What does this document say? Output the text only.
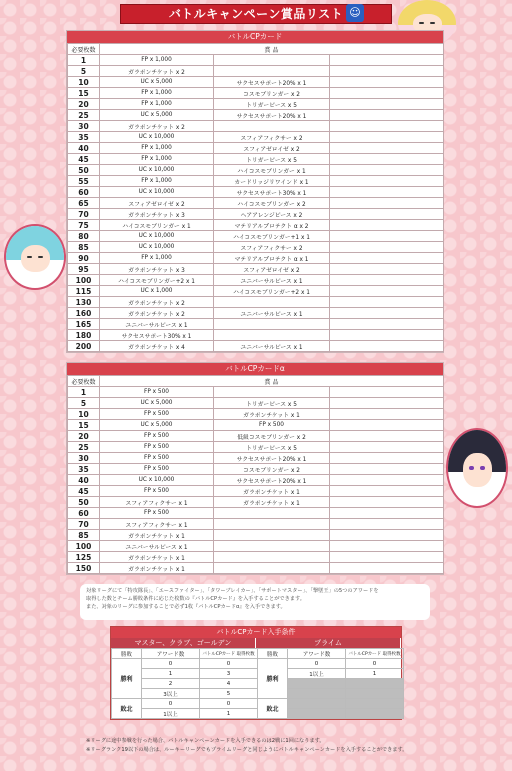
バトルキャンペーン賞品リスト ☺
バトルCPカード
必要枚数	賞 品		
1	FP x 1,000		
5	ガラポンチケット x 2		
10	UC x 5,000	サクセスサポート20% x 1	
15	FP x 1,000	コスモブリンガー x 2	
20	FP x 1,000	トリガーピース x 5	
25	UC x 5,000	サクセスサポート20% x 1	
30	ガラポンチケット x 2		
35	UC x 10,000	スフィアフィクサー x 2	
40	FP x 1,000	スフィアゼロイゼ x 2	
45	FP x 1,000	トリガーピース x 5	
50	UC x 10,000	ハイコスモブリンガー x 1	
55	FP x 1,000	カードリッジリワインド x 1	
60	UC x 10,000	サクセスサポート30% x 1	
65	スフィアゼロイゼ x 2	ハイコスモブリンガー x 2	
70	ガラポンチケット x 3	ヘアアレンジピース x 2	
75	ハイコスモブリンガー x 1	マテリアルプロテクト α x 2	
80	UC x 10,000	ハイコスモブリンガー+1 x 1	
85	UC x 10,000	スフィアフィクサー x 2	
90	FP x 1,000	マテリアルプロテクト α x 1	
95	ガラポンチケット x 3	スフィアゼロイゼ x 2	
100	ハイコスモブリンガー+2 x 1	ユニバーサルピース x 1	
115	UC x 1,000	ハイコスモブリンガー+2 x 1	
130	ガラポンチケット x 2		
160	ガラポンチケット x 2	ユニバーサルピース x 1	
165	ユニバーサルピース x 1		
180	サクセスサポート30% x 1		
200	ガラポンチケット x 4	ユニバーサルピース x 1	
バトルCPカードα
必要枚数	賞 品		
1	FP x 500		
5	UC x 5,000	トリガーピース x 5	
10	FP x 500	ガラポンチケット x 1	
15	UC x 5,000	FP x 500	
20	FP x 500	低級コスモブリンガー x 2	
25	FP x 500	トリガーピース x 5	
30	FP x 500	サクセスサポート20% x 1	
35	FP x 500	コスモブリンガー x 2	
40	UC x 10,000	サクセスサポート20% x 1	
45	FP x 500	ガラポンチケット x 1	
50	スフィアフィクサー x 1	ガラポンチケット x 1	
60	FP x 500		
70	スフィアフィクサー x 1		
85	ガラポンチケット x 1		
100	ユニバーサルピース x 1		
125	ガラポンチケット x 1		
150	ガラポンチケット x 1		
対象リーグにて「特攻隊長」、「エースファイター」、「タワーブレイカー」、「サポートマスター」、「撃墜王」の5つのアワードを
取得した数とチーム勝敗条件に応じた枚数の『バトルCPカード』を入手することができます。
また、対象のリーグに参加することで必ず1枚『バトルCPカードα』を入手できます。
バトルCPカード入手条件
マスター、クラブ、ゴールデン	プライム
勝敗	アワード数	バトルCPカード 取得枚数	勝敗	アワード数	バトルCPカード 取得枚数
勝利	0	0	勝利	0	0
	1	3		1以上	1
	2	4			
	3以上	5			
敗北	0	0	敗北		
	1以上	1			
※リーグに途中参戦を行った場合、バトルキャンペーンカードを入手できるのは2戦に1回になります。
※リーグランク19以下の場合は、ルーキーリーグでもプライムリーグと同じようにバトルキャンペーンカードを入手することができます。
